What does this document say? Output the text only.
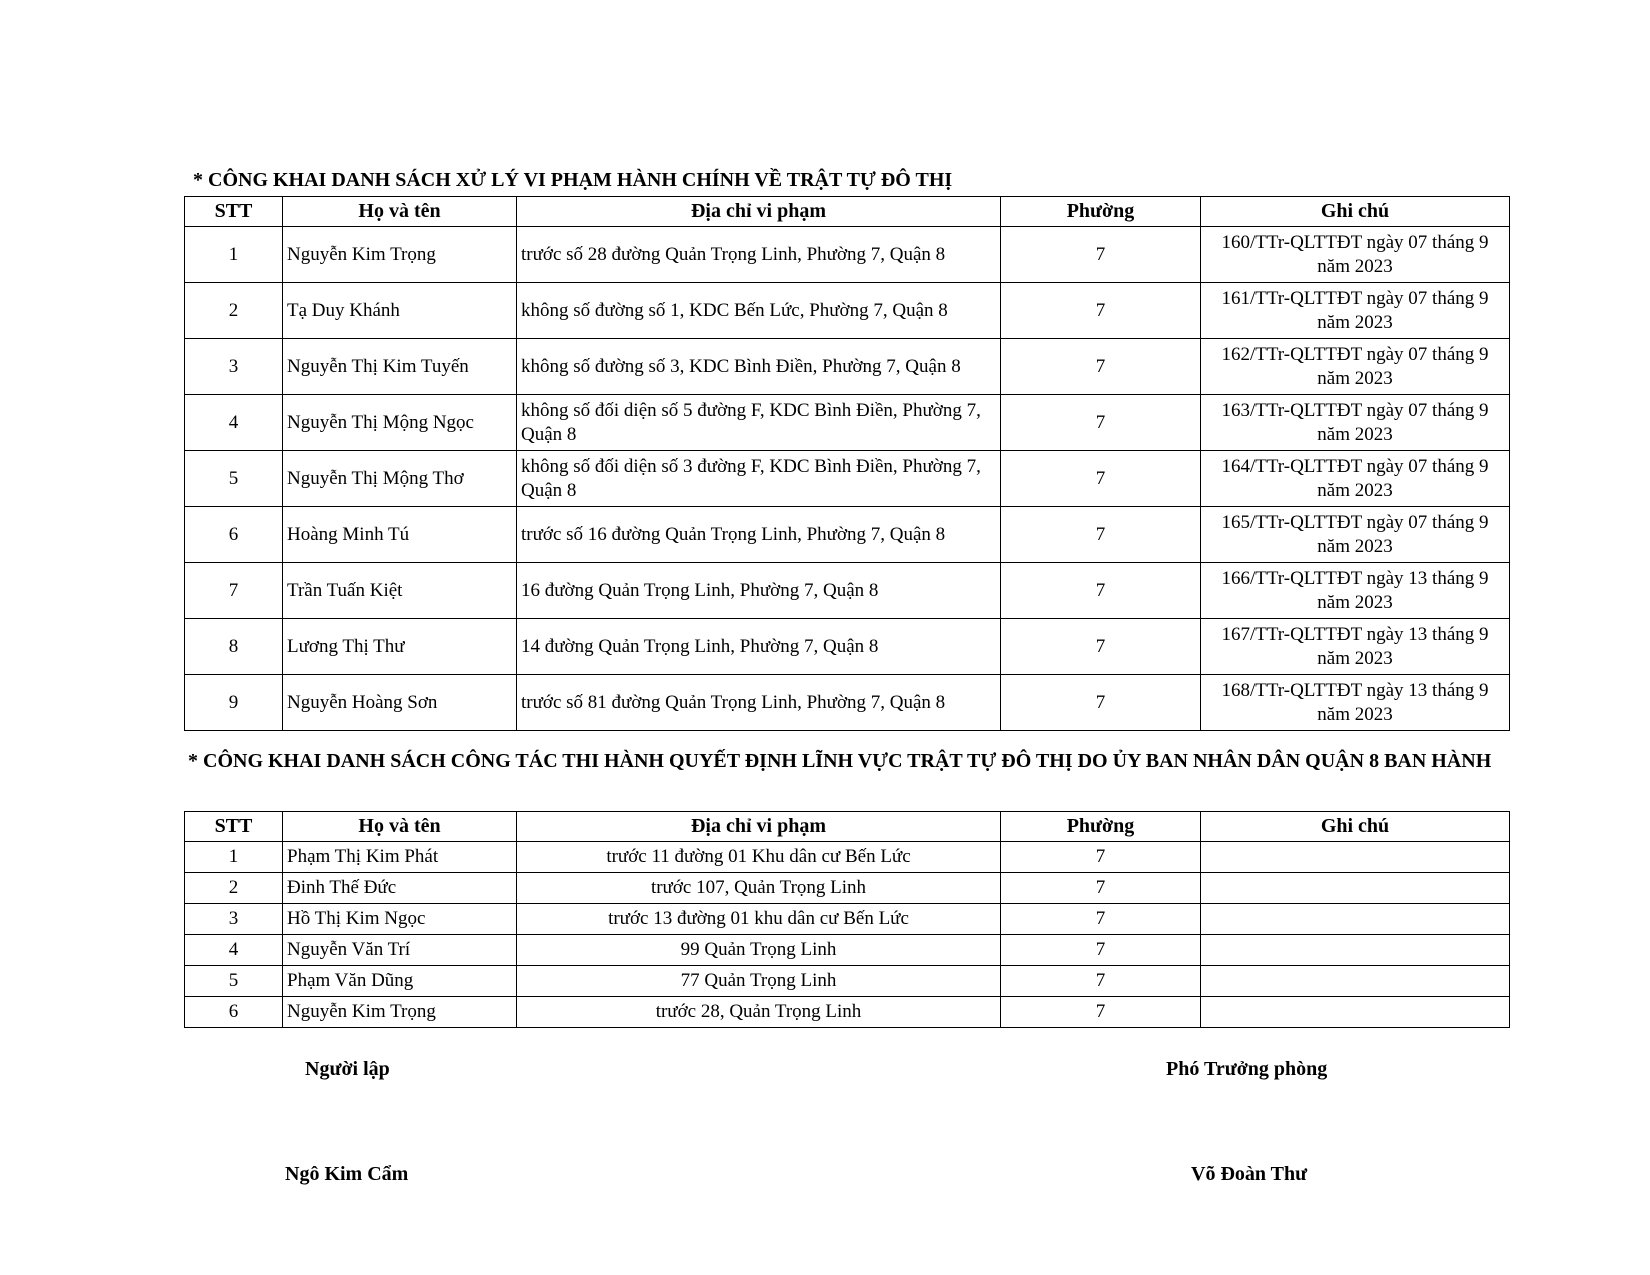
* CÔNG KHAI DANH SÁCH XỬ LÝ VI PHẠM HÀNH CHÍNH VỀ TRẬT TỰ ĐÔ THỊ
STT	Họ và tên	Địa chỉ vi phạm	Phường	Ghi chú
1	Nguyễn Kim Trọng	trước số 28 đường Quản Trọng Linh, Phường 7, Quận 8	7	160/TTr-QLTTĐT ngày 07 tháng 9 năm 2023
2	Tạ Duy Khánh	không số đường số 1, KDC Bến Lức, Phường 7, Quận 8	7	161/TTr-QLTTĐT ngày 07 tháng 9 năm 2023
3	Nguyễn Thị Kim Tuyến	không số đường số 3, KDC Bình Điền, Phường 7, Quận 8	7	162/TTr-QLTTĐT ngày 07 tháng 9 năm 2023
4	Nguyễn Thị Mộng Ngọc	không số đối diện số 5 đường F, KDC Bình Điền, Phường 7, Quận 8	7	163/TTr-QLTTĐT ngày 07 tháng 9 năm 2023
5	Nguyễn Thị Mộng Thơ	không số đối diện số 3 đường F, KDC Bình Điền, Phường 7, Quận 8	7	164/TTr-QLTTĐT ngày 07 tháng 9 năm 2023
6	Hoàng Minh Tú	trước số 16 đường Quản Trọng Linh, Phường 7, Quận 8	7	165/TTr-QLTTĐT ngày 07 tháng 9 năm 2023
7	Trần Tuấn Kiệt	16 đường Quản Trọng Linh, Phường 7, Quận 8	7	166/TTr-QLTTĐT ngày 13 tháng 9 năm 2023
8	Lương Thị Thư	14 đường Quản Trọng Linh, Phường 7, Quận 8	7	167/TTr-QLTTĐT ngày 13 tháng 9 năm 2023
9	Nguyễn Hoàng Sơn	trước số 81 đường Quản Trọng Linh, Phường 7, Quận 8	7	168/TTr-QLTTĐT ngày 13 tháng 9 năm 2023
* CÔNG KHAI DANH SÁCH CÔNG TÁC THI HÀNH QUYẾT ĐỊNH LĨNH VỰC TRẬT TỰ ĐÔ THỊ DO ỦY BAN NHÂN DÂN QUẬN 8 BAN HÀNH
STT	Họ và tên	Địa chỉ vi phạm	Phường	Ghi chú
1	Phạm Thị Kim Phát	trước 11 đường 01 Khu dân cư Bến Lức	7	
2	Đinh Thế Đức	trước 107, Quản Trọng Linh	7	
3	Hồ Thị Kim Ngọc	trước 13 đường 01 khu dân cư Bến Lức	7	
4	Nguyễn Văn Trí	99 Quản Trọng Linh	7	
5	Phạm Văn Dũng	77 Quản Trọng Linh	7	
6	Nguyễn Kim Trọng	trước 28, Quản Trọng Linh	7	
Người lập	Phó Trưởng phòng
Ngô Kim Cẩm	Võ Đoàn Thư
